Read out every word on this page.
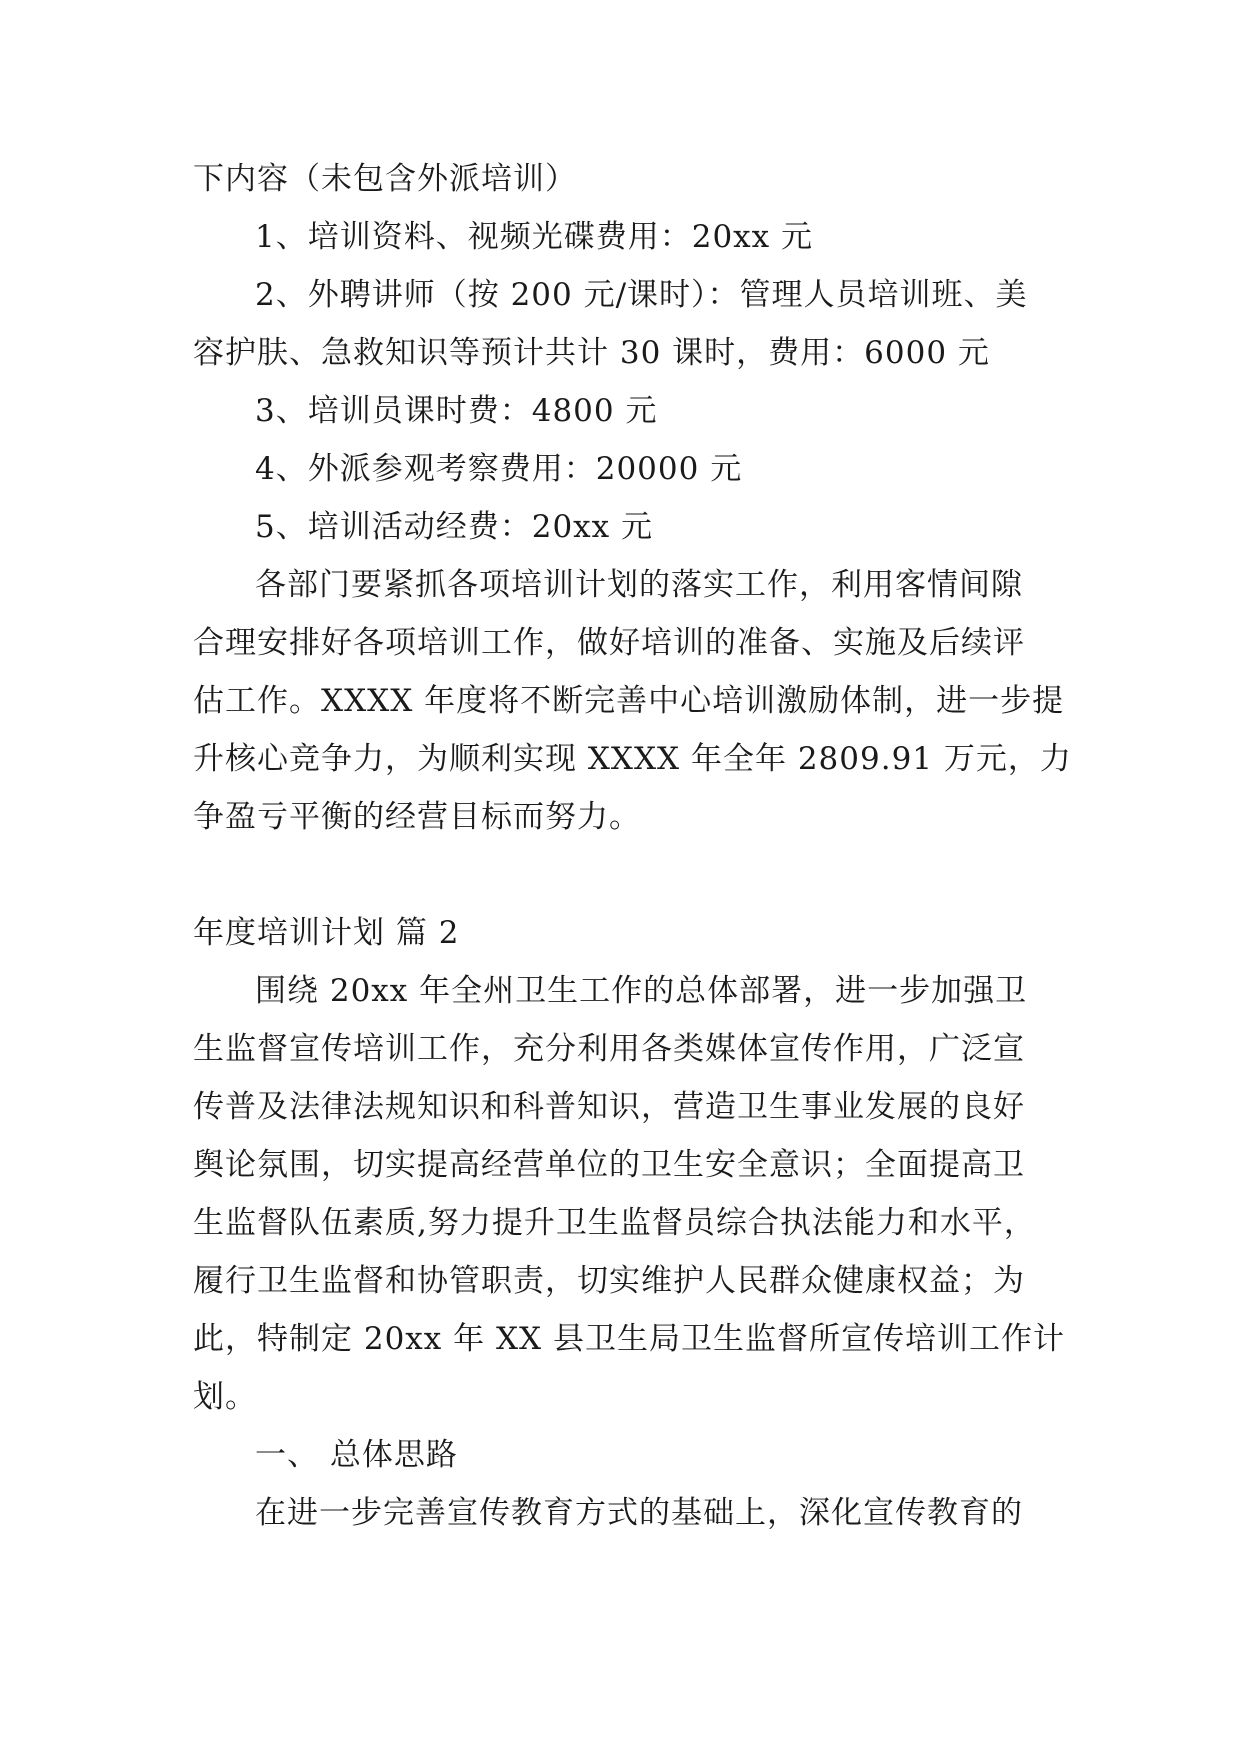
下内容（未包含外派培训）
1、培训资料、视频光碟费用：20xx 元
2、外聘讲师（按 200 元/课时）：管理人员培训班、美
容护肤、急救知识等预计共计 30 课时，费用：6000 元
3、培训员课时费：4800 元
4、外派参观考察费用：20000 元
5、培训活动经费：20xx 元
各部门要紧抓各项培训计划的落实工作，利用客情间隙
合理安排好各项培训工作，做好培训的准备、实施及后续评
估工作。XXXX 年度将不断完善中心培训激励体制，进一步提
升核心竞争力，为顺利实现 XXXX 年全年 2809.91 万元，力
争盈亏平衡的经营目标而努力。
年度培训计划 篇 2
围绕 20xx 年全州卫生工作的总体部署，进一步加强卫
生监督宣传培训工作，充分利用各类媒体宣传作用，广泛宣
传普及法律法规知识和科普知识，营造卫生事业发展的良好
舆论氛围，切实提高经营单位的卫生安全意识；全面提高卫
生监督队伍素质,努力提升卫生监督员综合执法能力和水平，
履行卫生监督和协管职责，切实维护人民群众健康权益；为
此，特制定 20xx 年 XX 县卫生局卫生监督所宣传培训工作计
划。
一、 总体思路
在进一步完善宣传教育方式的基础上，深化宣传教育的
